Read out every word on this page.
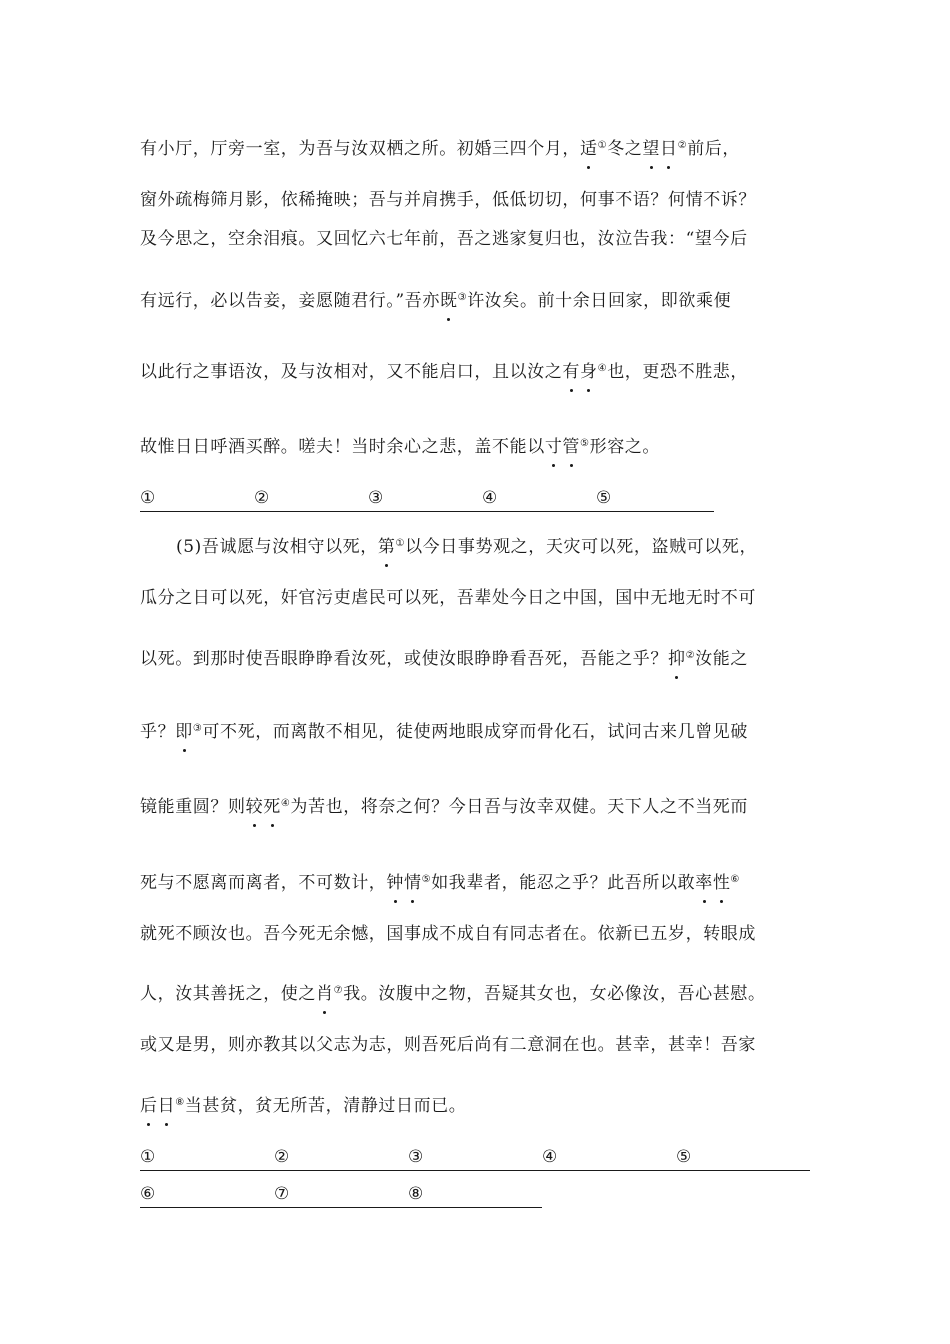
有小厅，厅旁一室，为吾与汝双栖之所。初婚三四个月，适①冬之望日②前后，
窗外疏梅筛月影，依稀掩映；吾与并肩携手，低低切切，何事不语？何情不诉？
及今思之，空余泪痕。又回忆六七年前，吾之逃家复归也，汝泣告我：“望今后
有远行，必以告妾，妾愿随君行。”吾亦既③许汝矣。前十余日回家，即欲乘便
以此行之事语汝，及与汝相对，又不能启口，且以汝之有身④也，更恐不胜悲，
故惟日日呼酒买醉。嗟夫！当时余心之悲，盖不能以寸管⑤形容之。
①	②	③	④	⑤
(5)吾诚愿与汝相守以死，第①以今日事势观之，天灾可以死，盗贼可以死，
瓜分之日可以死，奸官污吏虐民可以死，吾辈处今日之中国，国中无地无时不可
以死。到那时使吾眼睁睁看汝死，或使汝眼睁睁看吾死，吾能之乎？抑②汝能之
乎？即③可不死，而离散不相见，徒使两地眼成穿而骨化石，试问古来几曾见破
镜能重圆？则较死④为苦也，将奈之何？今日吾与汝幸双健。天下人之不当死而
死与不愿离而离者，不可数计，钟情⑤如我辈者，能忍之乎？此吾所以敢率性⑥
就死不顾汝也。吾今死无余憾，国事成不成自有同志者在。依新已五岁，转眼成
人，汝其善抚之，使之肖⑦我。汝腹中之物，吾疑其女也，女必像汝，吾心甚慰。
或又是男，则亦教其以父志为志，则吾死后尚有二意洞在也。甚幸，甚幸！吾家
后日⑧当甚贫，贫无所苦，清静过日而已。
①	②	③	④	⑤
⑥	⑦	⑧
